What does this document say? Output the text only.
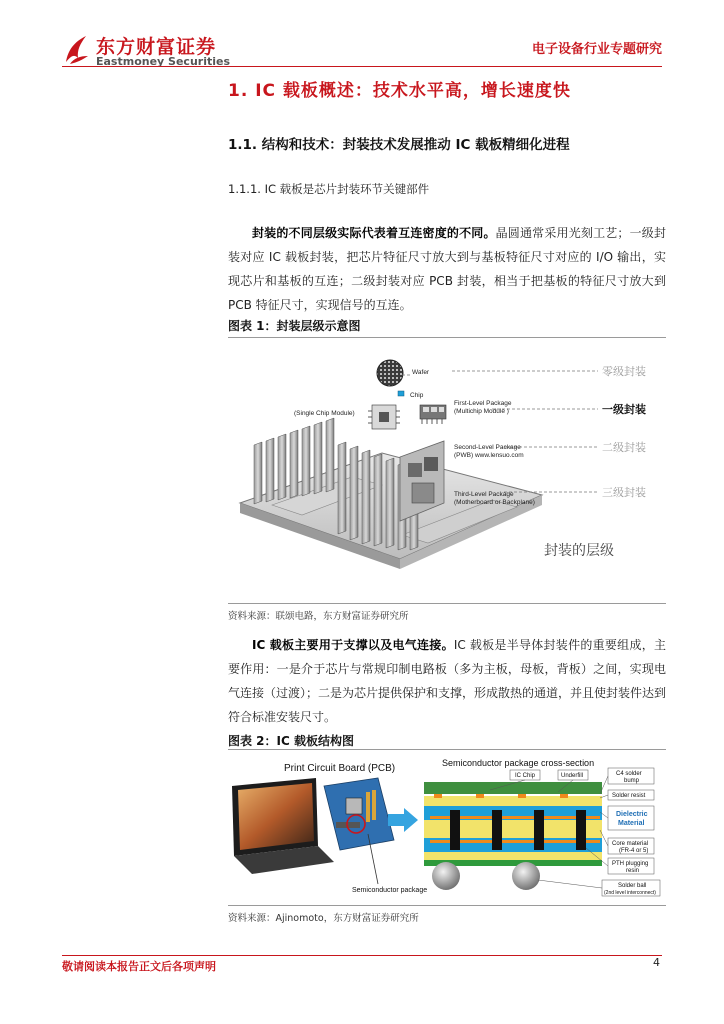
东方财富证券
Eastmoney Securities
电子设备行业专题研究
1. IC 载板概述：技术水平高，增长速度快
1.1. 结构和技术：封装技术发展推动 IC 载板精细化进程
1.1.1. IC 载板是芯片封装环节关键部件
封装的不同层级实际代表着互连密度的不同。晶圆通常采用光刻工艺；一级封装对应 IC 载板封装，把芯片特征尺寸放大到与基板特征尺寸对应的 I/O 输出，实现芯片和基板的互连；二级封装对应 PCB 封装，相当于把基板的特征尺寸放大到 PCB 特征尺寸，实现信号的互连。
图表 1：封装层级示意图
Wafer
Chip
First-Level Package
(Multichip Module )
(Single Chip Module)
Second-Level Package
(PWB) www.lensuo.com
Third-Level Package
(Motherboard or Backplane)
零级封装
一级封装
二级封装
三级封装
封装的层级
资料来源：联颂电路，东方财富证券研究所
IC 载板主要用于支撑以及电气连接。IC 载板是半导体封装件的重要组成，主要作用：一是介于芯片与常规印制电路板（多为主板，母板，背板）之间，实现电气连接（过渡）；二是为芯片提供保护和支撑，形成散热的通道，并且使封装件达到符合标准安装尺寸。
图表 2：IC 载板结构图
Print Circuit Board (PCB)
Semiconductor package
Semiconductor package cross-section
IC Chip	Underfill	C4 solder
bump
Solder resist
Dielectric
Material
Core material
(FR-4 or 5)
PTH plugging
resin
Solder ball
(2nd level interconnect)
资料来源：Ajinomoto，东方财富证券研究所
敬请阅读本报告正文后各项声明	4
